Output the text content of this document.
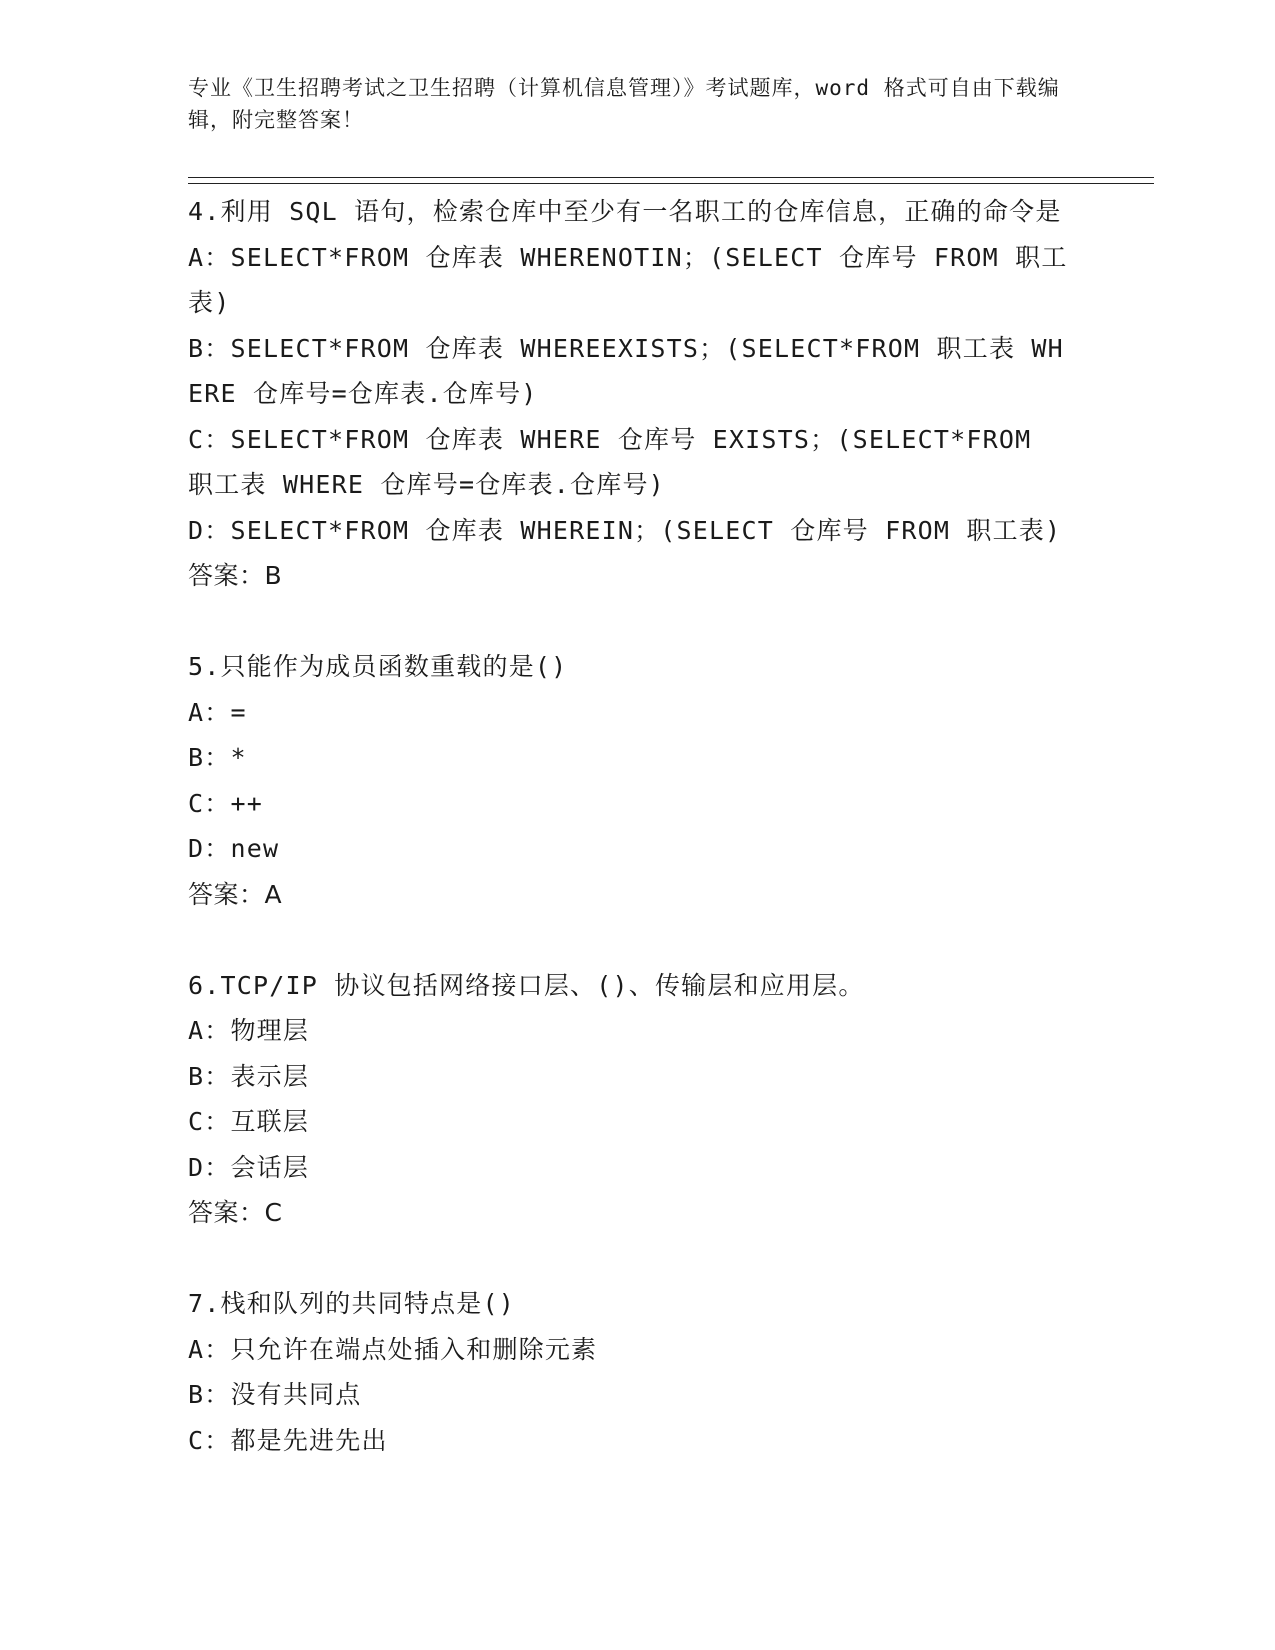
专业《卫生招聘考试之卫生招聘（计算机信息管理）》考试题库，word 格式可自由下载编辑，附完整答案！

4.利用 SQL 语句，检索仓库中至少有一名职工的仓库信息，正确的命令是

A：SELECT*FROM 仓库表 WHERENOTIN；(SELECT 仓库号 FROM 职工表)

B：SELECT*FROM 仓库表 WHEREEXISTS；(SELECT*FROM 职工表 WHERE 仓库号=仓库表.仓库号)

C：SELECT*FROM 仓库表 WHERE 仓库号 EXISTS；(SELECT*FROM 职工表 WHERE 仓库号=仓库表.仓库号)

D：SELECT*FROM 仓库表 WHEREIN；(SELECT 仓库号 FROM 职工表)

答案：B

5.只能作为成员函数重载的是()

A：=

B：*

C：++

D：new

答案：A

6.TCP/IP 协议包括网络接口层、()、传输层和应用层。

A：物理层

B：表示层

C：互联层

D：会话层

答案：C

7.栈和队列的共同特点是()

A：只允许在端点处插入和删除元素

B：没有共同点

C：都是先进先出
